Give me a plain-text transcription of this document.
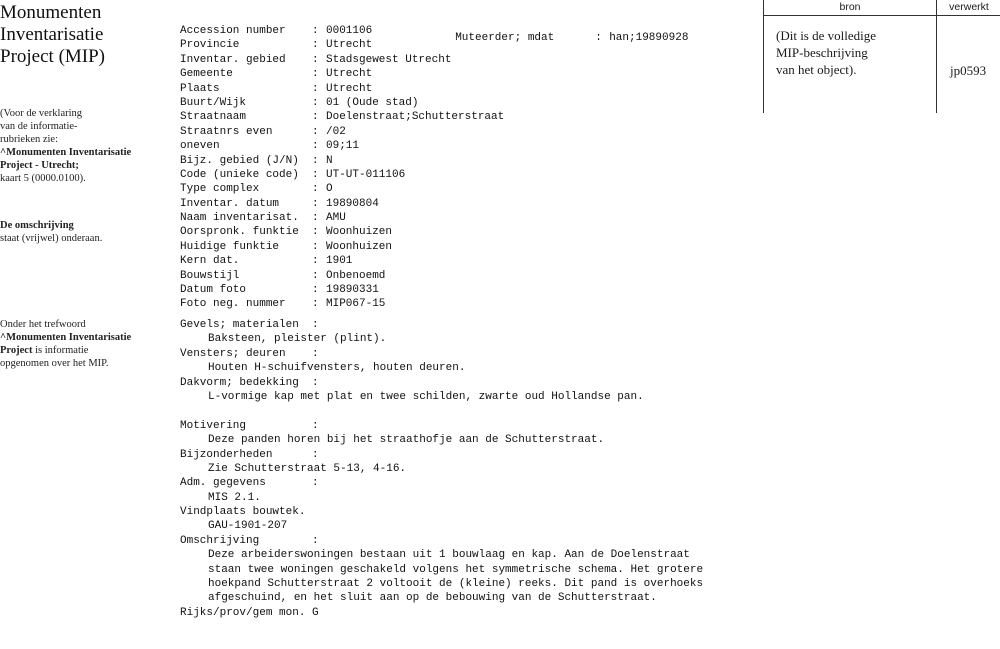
Monumenten
Inventarisatie
Project (MIP)
(Voor de verklaring
van de informatie-
rubrieken zie:
^Monumenten Inventarisatie
Project - Utrecht;
kaart 5 (0000.0100).
De omschrijving
staat (vrijwel) onderaan.
Onder het trefwoord
^Monumenten Inventarisatie
Project is informatie
opgenomen over het MIP.
Accession number : 0001106
Provincie	: Utrecht
Inventar. gebied : Stadsgewest Utrecht
Gemeente	: Utrecht
Plaats	: Utrecht
Buurt/Wijk	: 01 (Oude stad)
Straatnaam	: Doelenstraat;Schutterstraat
Straatnrs even	: /02
oneven	: 09;11
Bijz. gebied (J/N) : N
Code (unieke code) : UT-UT-011106
Type complex	: O
Inventar. datum	: 19890804
Naam inventarisat. : AMU
Oorspronk. funktie : Woonhuizen
Huidige funktie	: Woonhuizen
Kern dat.	: 1901
Bouwstijl	: Onbenoemd
Datum foto	: 19890331
Foto neg. nummer : MIP067-15

Muteerder; mdat	: han;19890928

Gevels; materialen :
Baksteen, pleister (plint).
Vensters; deuren :
Houten H-schuifvensters, houten deuren.
Dakvorm; bedekking :
L-vormige kap met plat en twee schilden, zwarte oud Hollandse pan.
Motivering	:
Deze panden horen bij het straathofje aan de Schutterstraat.
Bijzonderheden	:
Zie Schutterstraat 5-13, 4-16.
Adm. gegevens	:
MIS 2.1.
Vindplaats bouwtek.
GAU-1901-207
Omschrijving	:
Deze arbeiderswoningen bestaan uit 1 bouwlaag en kap. Aan de Doelenstraat
staan twee woningen geschakeld volgens het symmetrische schema. Het grotere
hoekpand Schutterstraat 2 voltooit de (kleine) reeks. Dit pand is overhoeks
afgeschuind, en het sluit aan op de bebouwing van de Schutterstraat.
Rijks/prov/gem mon. G
bron	verwerkt
(Dit is de volledige
MIP-beschrijving
van het object).	jp0593
